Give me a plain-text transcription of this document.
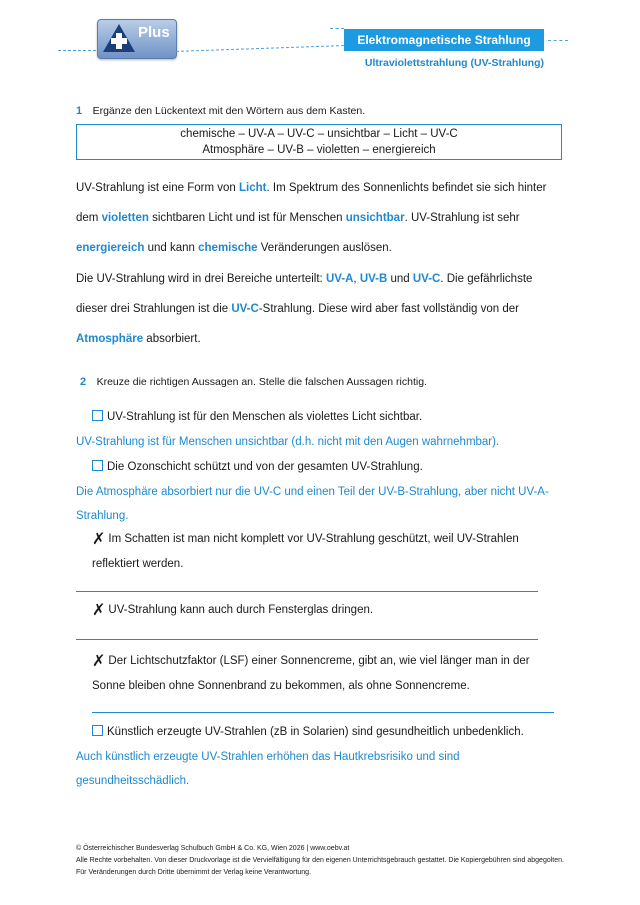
Plus	Elektromagnetische Strahlung
Ultraviolettstrahlung (UV-Strahlung)
1 Ergänze den Lückentext mit den Wörtern aus dem Kasten.
chemische – UV-A – UV-C – unsichtbar – Licht – UV-C
Atmosphäre – UV-B – violetten – energiereich
UV-Strahlung ist eine Form von Licht. Im Spektrum des Sonnenlichts befindet sie sich hinter
dem violetten sichtbaren Licht und ist für Menschen unsichtbar. UV-Strahlung ist sehr
energiereich und kann chemische Veränderungen auslösen.
Die UV-Strahlung wird in drei Bereiche unterteilt: UV-A, UV-B und UV-C. Die gefährlichste
dieser drei Strahlungen ist die UV-C-Strahlung. Diese wird aber fast vollständig von der
Atmosphäre absorbiert.
2 Kreuze die richtigen Aussagen an. Stelle die falschen Aussagen richtig.
UV-Strahlung ist für den Menschen als violettes Licht sichtbar.
UV-Strahlung ist für Menschen unsichtbar (d.h. nicht mit den Augen wahrnehmbar).
Die Ozonschicht schützt und von der gesamten UV-Strahlung.
Die Atmosphäre absorbiert nur die UV-C und einen Teil der UV-B-Strahlung, aber nicht UV-A-
Strahlung.
✗ Im Schatten ist man nicht komplett vor UV-Strahlung geschützt, weil UV-Strahlen
reflektiert werden.
✗ UV-Strahlung kann auch durch Fensterglas dringen.
✗ Der Lichtschutzfaktor (LSF) einer Sonnencreme, gibt an, wie viel länger man in der
Sonne bleiben ohne Sonnenbrand zu bekommen, als ohne Sonnencreme.
Künstlich erzeugte UV-Strahlen (zB in Solarien) sind gesundheitlich unbedenklich.
Auch künstlich erzeugte UV-Strahlen erhöhen das Hautkrebsrisiko und sind
gesundheitsschädlich.
© Österreichischer Bundesverlag Schulbuch GmbH & Co. KG, Wien 2026 | www.oebv.at
Alle Rechte vorbehalten. Von dieser Druckvorlage ist die Vervielfältigung für den eigenen Unterrichtsgebrauch gestattet. Die Kopiergebühren sind abgegolten.
Für Veränderungen durch Dritte übernimmt der Verlag keine Verantwortung.
